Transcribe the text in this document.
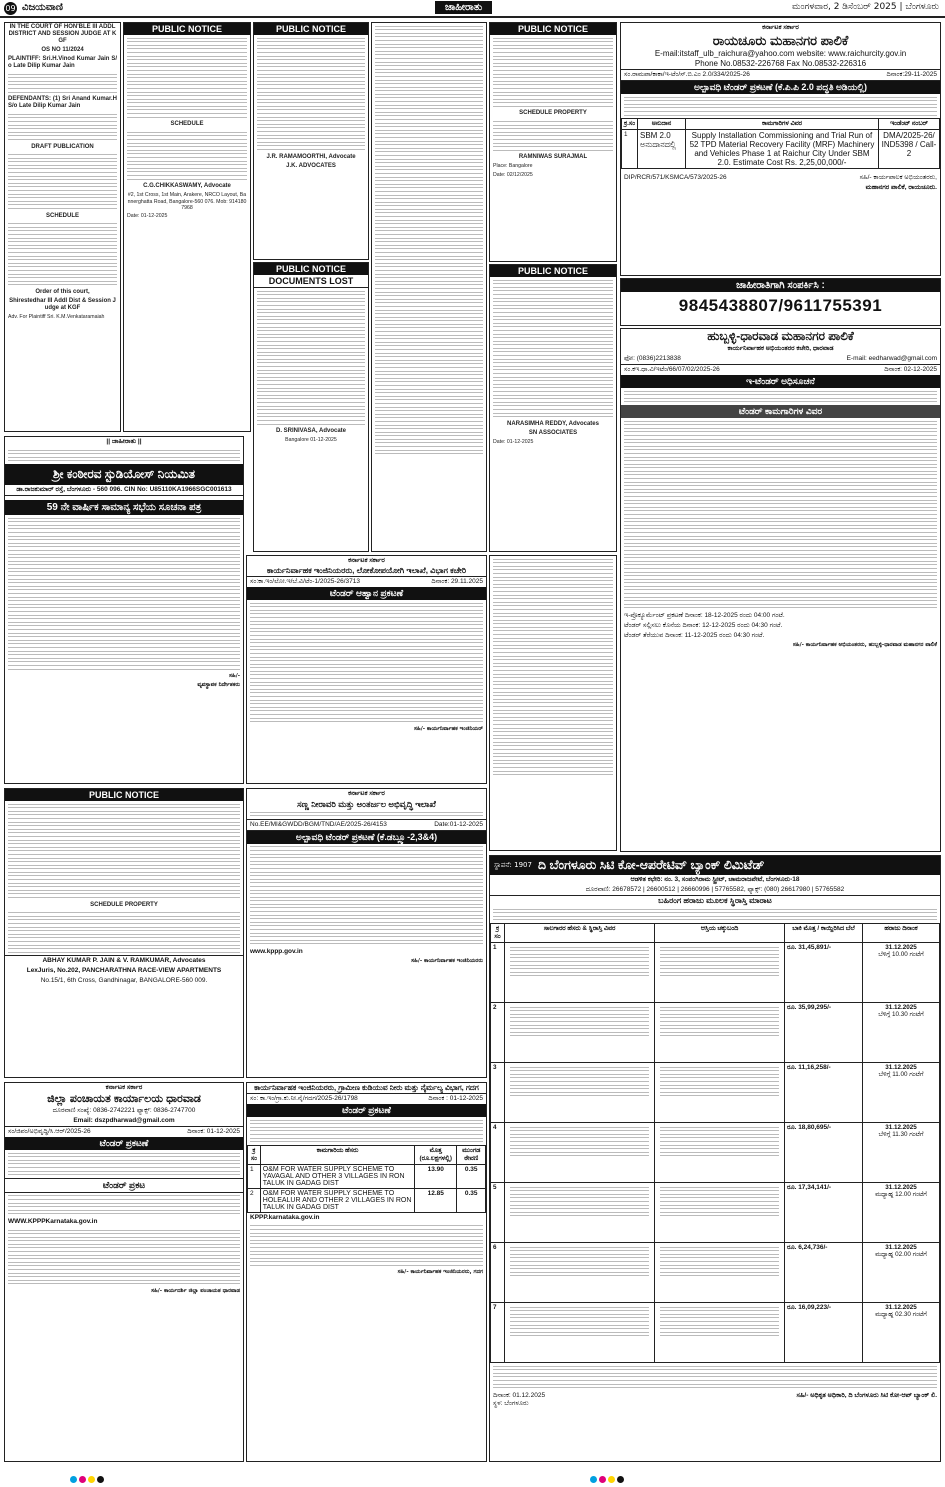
09 ವಿಜಯವಾಣಿ	ಜಾಹೀರಾತು	ಮಂಗಳವಾರ, 2 ಡಿಸೆಂಬರ್ 2025 | ಬೆಂಗಳೂರು
IN THE COURT OF HON'BLE III ADDL DISTRICT AND SESSION JUDGE AT KGF
OS NO 11/2024
PLAINTIFF: Sri.H.Vinod Kumar Jain S/o Late Dilip Kumar Jain
DEFENDANTS: (1) Sri Anand Kumar.H S/o Late Dilip Kumar Jain
DRAFT PUBLICATION
SCHEDULE
Order of this court,
Shirestedhar III Addl Dist & Session Judge at KGF
Adv. For Plaintiff Sri. K.M.Venkataramaiah
PUBLIC NOTICE
SCHEDULE
C.G.CHIKKASWAMY, Advocate
#2, 1st Cross, 1st Main, Arakere, NRCO Layout, Bannerghatta Road, Bangalore-560 076. Mob: 9141807968
Date: 01-12-2025
PUBLIC NOTICE
J.R. RAMAMOORTHI, Advocate
J.K. ADVOCATES
PUBLIC NOTICE
DOCUMENTS LOST
D. SRINIVASA, Advocate
Bangalore 01-12-2025
PUBLIC NOTICE
SCHEDULE PROPERTY
RAMNIWAS SURAJMAL
Place: Bangalore
Date: 02/12/2025
PUBLIC NOTICE
NARASIMHA REDDY, Advocates
SN ASSOCIATES
Date: 01-12-2025
ಕರ್ನಾಟಕ ಸರ್ಕಾರ
ರಾಯಚೂರು ಮಹಾನಗರ ಪಾಲಿಕೆ
E-mail:itstaff_ulb_raichura@yahoo.com website: www.raichurcity.gov.in
Phone No.08532-226768 Fax No.08532-226316
ಸಂ.ರಾಮಪಾ/ಕಾಕಾ/ಇ-ಟೆಂ/ಸ್.ಬಿ.ಎಂ 2.0/334/2025-26	ದಿನಾಂಕ:29-11-2025
ಅಲ್ಪಾವಧಿ ಟೆಂಡರ್ ಪ್ರಕಟಣೆ (ಕೆ.ಪಿ.ಪಿ 2.0 ಪದ್ಧತಿ ಅಡಿಯಲ್ಲಿ)
ಕ್ರ.ಸಂ	ಅನುದಾನ	ಕಾಮಗಾರಿಗಳ ವಿವರ	ಇಂಡೆಂಟ್ ನಂಬರ್
1	SBM 2.0 ಅನುದಾನದಲ್ಲಿ	Supply Installation Commissioning and Trial Run of 52 TPD Material Recovery Facility (MRF) Machinery and Vehicles Phase 1 at Raichur City Under SBM 2.0. Estimate Cost Rs. 2,25,00,000/-	DMA/2025-26/ IND5398 / Call-2
DIP/RCR/571/KSMCA/573/2025-26	ಸಹಿ/- ಕಾರ್ಯಪಾಲಕ ಅಭಿಯಂತರರು,
ಮಹಾನಗರ ಪಾಲಿಕೆ, ರಾಯಚೂರು.
ಜಾಹೀರಾತಿಗಾಗಿ ಸಂಪರ್ಕಿಸಿ :
9845438807/9611755391
ಹುಬ್ಬಳ್ಳಿ-ಧಾರವಾಡ ಮಹಾನಗರ ಪಾಲಿಕೆ
ಕಾರ್ಯನಿರ್ವಾಹಕ ಅಭಿಯಂತರರ ಕಚೇರಿ, ಧಾರವಾಡ
ಫೋ: (0836)2213838	E-mail: eedharwad@gmail.com
ಸಂ.ಕಇ.ಧಾ.ವಿ/ಇಟೆಂ/66/07/02/2025-26	ದಿನಾಂಕ: 02-12-2025
ಇ-ಟೆಂಡರ್ ಅಧಿಸೂಚನೆ
ಟೆಂಡರ್ ಕಾಮಗಾರಿಗಳ ವಿವರ
ಇ-ಪ್ರೊಕ್ಯೂರ್ಮೆಂಟ್ ಪ್ರಕಟಣೆ ದಿನಾಂಕ: 18-12-2025 ರಂದು 04:00 ಗಂಟೆ.
ಟೆಂಡರ್ ಸಲ್ಲಿಸಲು ಕೊನೆಯ ದಿನಾಂಕ: 12-12-2025 ರಂದು 04:30 ಗಂಟೆ.
ಟೆಂಡರ್ ತೆರೆಯುವ ದಿನಾಂಕ: 11-12-2025 ರಂದು 04:30 ಗಂಟೆ.
ಸಹಿ/- ಕಾರ್ಯನಿರ್ವಾಹಕ ಅಭಿಯಂತರರು, ಹುಬ್ಬಳ್ಳಿ-ಧಾರವಾಡ ಮಹಾನಗರ ಪಾಲಿಕೆ
|| ಜಾಹೀರಾತು ||
ಶ್ರೀ ಕಂಠೀರವ ಸ್ಟುಡಿಯೋಸ್ ನಿಯಮಿತ
ಡಾ.ರಾಜಕುಮಾರ್ ರಸ್ತೆ, ಬೆಂಗಳೂರು - 560 096. CIN No: U85110KA1966SGC001613
59 ನೇ ವಾರ್ಷಿಕ ಸಾಮಾನ್ಯ ಸಭೆಯ ಸೂಚನಾ ಪತ್ರ
ಸಹಿ/-
ವ್ಯವಸ್ಥಾಪಕ ನಿರ್ದೇಶಕರು
ಕರ್ನಾಟಕ ಸರ್ಕಾರ
ಕಾರ್ಯನಿರ್ವಾಹಕ ಇಂಜಿನಿಯರರು, ಲೋಕೋಪಯೋಗಿ ಇಲಾಖೆ, ವಿಭಾಗ ಕಚೇರಿ
ಸಂ:ಕಾ.ಇಂ/ಲೋ.ಇ/ಬೆ.ವಿ/ಟೆಂ-1/2025-26/3713	ದಿನಾಂಕ: 29.11.2025
ಟೆಂಡರ್ ಆಹ್ವಾನ ಪ್ರಕಟಣೆ
ಸಹಿ/- ಕಾರ್ಯನಿರ್ವಾಹಕ ಇಂಜಿನಿಯರ್
PUBLIC NOTICE
SCHEDULE PROPERTY
ABHAY KUMAR P. JAIN & V. RAMKUMAR, Advocates
LexJuris, No.202, PANCHARATHNA RACE-VIEW APARTMENTS
No.15/1, 6th Cross, Gandhinagar, BANGALORE-560 009.
ಕರ್ನಾಟಕ ಸರ್ಕಾರ
ಸಣ್ಣ ನೀರಾವರಿ ಮತ್ತು ಅಂತರ್ಜಲ ಅಭಿವೃದ್ಧಿ ಇಲಾಖೆ
No.EE/MI&GWDD/BGM/TND/AE/2025-26/4153	Date:01-12-2025
ಅಲ್ಪಾವಧಿ ಟೆಂಡರ್ ಪ್ರಕಟಣೆ (ಕೆ.ಡಬ್ಲ್ಯೂ-2,3&4)
www.kppp.gov.in
ಸಹಿ/- ಕಾರ್ಯನಿರ್ವಾಹಕ ಇಂಜಿನಿಯರರು
ಕರ್ನಾಟಕ ಸರ್ಕಾರ
ಜಿಲ್ಲಾ ಪಂಚಾಯತ ಕಾರ್ಯಾಲಯ ಧಾರವಾಡ
ದೂರವಾಣಿ ಸಂಖ್ಯೆ: 0836-2742221 ಫ್ಯಾಕ್ಸ್: 0836-2747700
Email: dszpdharwad@gmail.com
ಸಂ/ಜಿಪಂ/ಅಭಿವೃದ್ಧಿ/ಸಿ.ಆರ್/2025-26	ದಿನಾಂಕ: 01-12-2025
ಟೆಂಡರ್ ಪ್ರಕಟಣೆ
ಟೆಂಡರ್ ಪ್ರಕಟ
WWW.KPPPKarnataka.gov.in
ಸಹಿ/- ಕಾರ್ಯದರ್ಶಿ ಜಿಲ್ಲಾ ಪಂಚಾಯತ ಧಾರವಾಡ
ಕಾರ್ಯನಿರ್ವಾಹಕ ಇಂಜಿನಿಯರರು, ಗ್ರಾಮೀಣ ಕುಡಿಯುವ ನೀರು ಮತ್ತು ನೈರ್ಮಲ್ಯ ವಿಭಾಗ, ಗದಗ
ಸಂ: ಕಾ.ಇಂ/ಗ್ರಾ.ಕು.ನೀ.ನೈ/ಗದಗ/2025-26/1798	ದಿನಾಂಕ : 01-12-2025
ಟೆಂಡರ್ ಪ್ರಕಟಣೆ
ಕ್ರ ಸಂ	ಕಾಮಗಾರಿಯ ಹೆಸರು	ಮೊತ್ತ (ರೂ.ಲಕ್ಷಗಳಲ್ಲಿ)	ಮುಂಗಡ ಠೇವಣಿ
1	O&M FOR WATER SUPPLY SCHEME TO YAVAGAL AND OTHER 3 VILLAGES IN RON TALUK IN GADAG DIST	13.90	0.35
2	O&M FOR WATER SUPPLY SCHEME TO HOLEALUR AND OTHER 2 VILLAGES IN RON TALUK IN GADAG DIST	12.85	0.35
KPPP.karnataka.gov.in
ಸಹಿ/- ಕಾರ್ಯನಿರ್ವಾಹಕ ಇಂಜಿನಿಯರರು, ಗದಗ
ಸ್ಥಾಪನೆ: 1907 ದಿ ಬೆಂಗಳೂರು ಸಿಟಿ ಕೋ-ಆಪರೇಟಿವ್ ಬ್ಯಾಂಕ್ ಲಿಮಿಟೆಡ್
ಆಡಳಿತ ಕಛೇರಿ: ನಂ. 3, ಸಂಪಂಗಿರಾಮ ಸ್ಟ್ರೀಟ್, ಚಾಮರಾಜಪೇಟೆ, ಬೆಂಗಳೂರು-18
ದೂರವಾಣಿ: 26678572 | 26600512 | 26660996 | 57765582, ಫ್ಯಾಕ್ಸ್: (080) 26617980 | 57765582
ಬಹಿರಂಗ ಹರಾಜು ಮೂಲಕ ಸ್ಥಿರಾಸ್ತಿ ಮಾರಾಟ
ಕ್ರ ಸಂ	ಸಾಲಗಾರರ ಹೆಸರು & ಸ್ಥಿರಾಸ್ತಿ ವಿವರ	ಆಸ್ತಿಯ ಚಕ್ಕುಬಂದಿ	ಬಾಕಿ ಮೊತ್ತ / ಕಾಯ್ದಿರಿಸಿದ ಬೆಲೆ	ಹರಾಜು ದಿನಾಂಕ
1			ರೂ. 31,45,891/-	31.12.2025
ಬೆಳಿಗ್ಗೆ 10.00 ಗಂಟೆಗೆ

2			ರೂ. 35,99,295/-	31.12.2025
ಬೆಳಿಗ್ಗೆ 10.30 ಗಂಟೆಗೆ

3			ರೂ. 11,16,258/-	31.12.2025
ಬೆಳಿಗ್ಗೆ 11.00 ಗಂಟೆಗೆ

4			ರೂ. 18,80,695/-	31.12.2025
ಬೆಳಿಗ್ಗೆ 11.30 ಗಂಟೆಗೆ

5			ರೂ. 17,34,141/-	31.12.2025
ಮಧ್ಯಾಹ್ನ 12.00 ಗಂಟೆಗೆ

6			ರೂ. 6,24,736/-	31.12.2025
ಮಧ್ಯಾಹ್ನ 02.00 ಗಂಟೆಗೆ

7			ರೂ. 16,09,223/-	31.12.2025
ಮಧ್ಯಾಹ್ನ 02.30 ಗಂಟೆಗೆ
ದಿನಾಂಕ: 01.12.2025
ಸ್ಥಳ: ಬೆಂಗಳೂರು
ಸಹಿ/- ಅಧಿಕೃತ ಅಧಿಕಾರಿ, ದಿ ಬೆಂಗಳೂರು ಸಿಟಿ ಕೋ-ಆಪ್ ಬ್ಯಾಂಕ್ ಲಿ.
